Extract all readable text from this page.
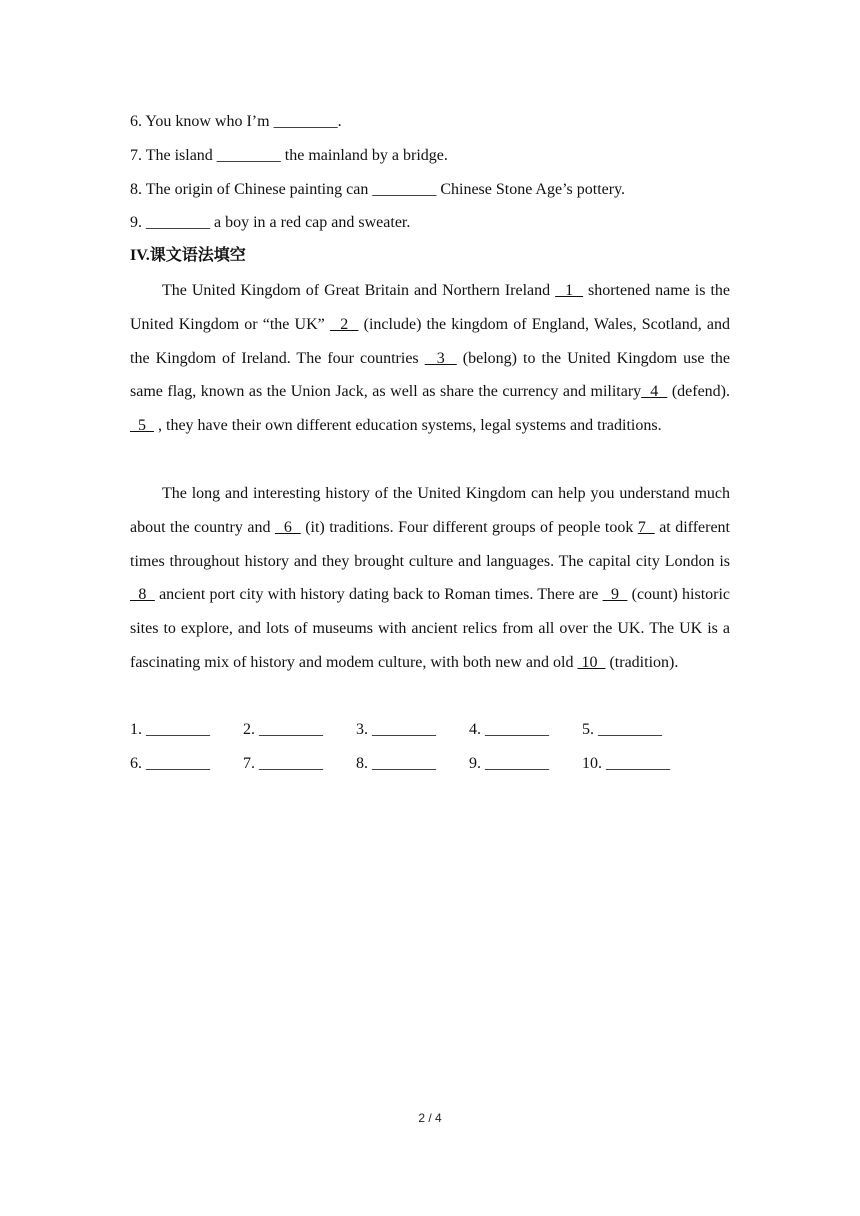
6. You know who I’m ________.
7. The island ________ the mainland by a bridge.
8. The origin of Chinese painting can ________ Chinese Stone Age’s pottery.
9. ________ a boy in a red cap and sweater.
IV.课文语法填空
The United Kingdom of Great Britain and Northern Ireland   1   shortened name is the United Kingdom or “the UK”   2   (include) the kingdom of England, Wales, Scotland, and the Kingdom of Ireland. The four countries   3   (belong) to the United Kingdom use the same flag, known as the Union Jack, as well as share the currency and military  4   (defend).   5   , they have their own different education systems, legal systems and traditions.
The long and interesting history of the United Kingdom can help you understand much about the country and   6   (it) traditions. Four different groups of people took 7   at different times throughout history and they brought culture and languages. The capital city London is   8   ancient port city with history dating back to Roman times. There are   9   (count) historic sites to explore, and lots of museums with ancient relics from all over the UK. The UK is a fascinating mix of history and modem culture, with both new and old  10   (tradition).
1. ________ 2. ________ 3. ________ 4. ________ 5. ________
6. ________ 7. ________ 8. ________ 9. ________ 10. ________
2 / 4
